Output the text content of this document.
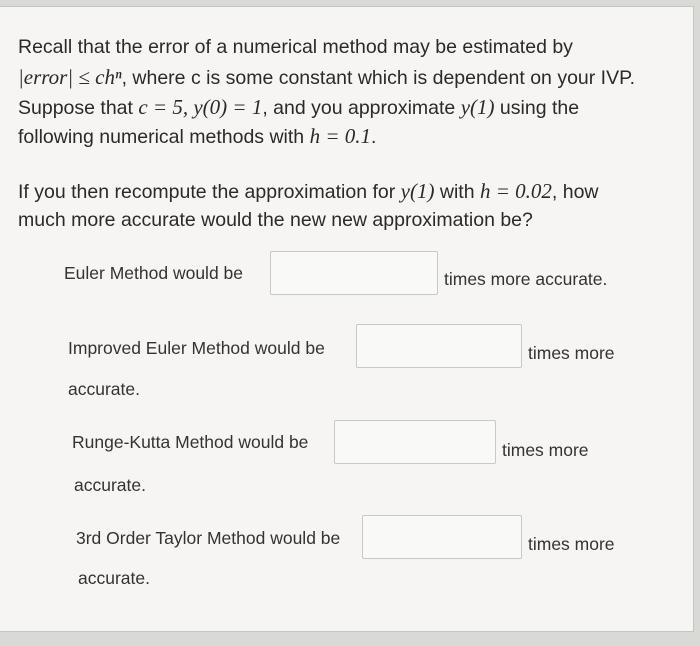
Recall that the error of a numerical method may be estimated by

|error| ≤ chⁿ, where c is some constant which is dependent on your IVP.

Suppose that c = 5, y(0) = 1, and you approximate y(1) using the

following numerical methods with h = 0.1.

If you then recompute the approximation for y(1) with h = 0.02, how

much more accurate would the new new approximation be?

Euler Method would be	times more accurate.
Improved Euler Method would be	times more
accurate.
Runge-Kutta Method would be	times more
accurate.
3rd Order Taylor Method would be	times more
accurate.
